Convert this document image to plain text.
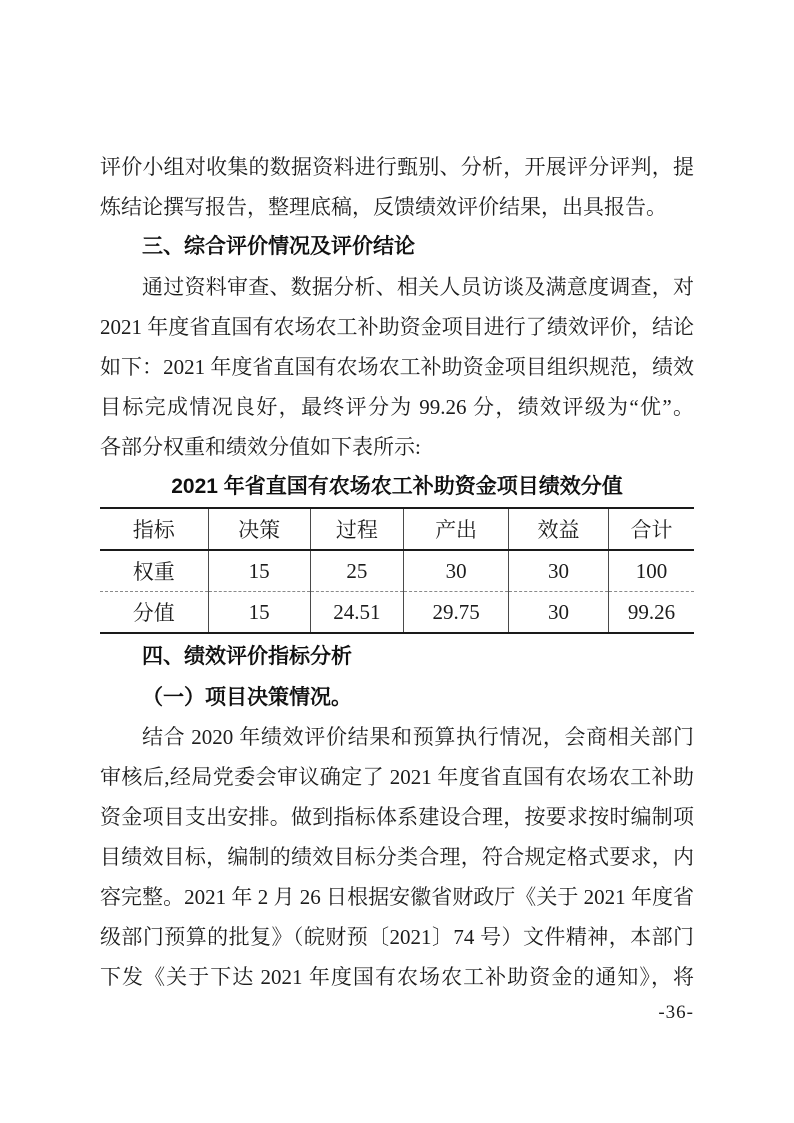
评价小组对收集的数据资料进行甄别、分析，开展评分评判，提
炼结论撰写报告，整理底稿，反馈绩效评价结果，出具报告。
三、综合评价情况及评价结论
通过资料审查、数据分析、相关人员访谈及满意度调查，对
2021 年度省直国有农场农工补助资金项目进行了绩效评价，结论
如下：2021 年度省直国有农场农工补助资金项目组织规范，绩效
目标完成情况良好，最终评分为 99.26 分，绩效评级为“优”。
各部分权重和绩效分值如下表所示:
2021 年省直国有农场农工补助资金项目绩效分值
指标	决策	过程	产出	效益	合计
权重	15	25	30	30	100
分值	15	24.51	29.75	30	99.26
四、绩效评价指标分析
（一）项目决策情况。
结合 2020 年绩效评价结果和预算执行情况，会商相关部门
审核后,经局党委会审议确定了 2021 年度省直国有农场农工补助
资金项目支出安排。做到指标体系建设合理，按要求按时编制项
目绩效目标，编制的绩效目标分类合理，符合规定格式要求，内
容完整。2021 年 2 月 26 日根据安徽省财政厅《关于 2021 年度省
级部门预算的批复》（皖财预〔2021〕74 号）文件精神，本部门
下发《关于下达 2021 年度国有农场农工补助资金的通知》，将
-36-
